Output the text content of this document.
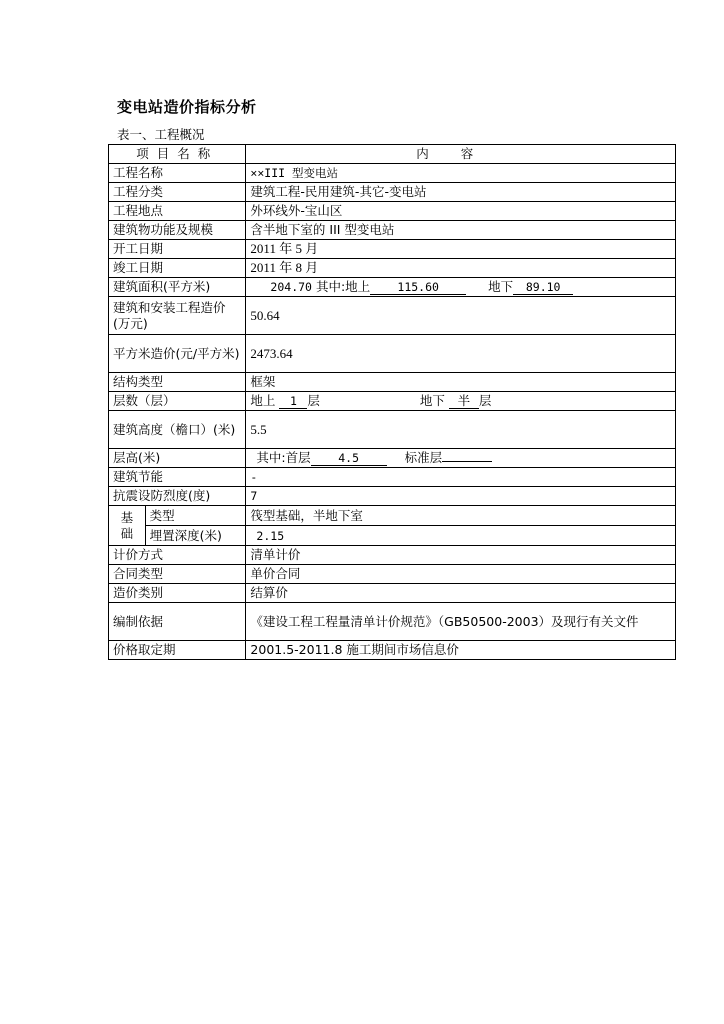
变电站造价指标分析
表一、工程概况
项目名称		内容
工程名称		××III 型变电站
工程分类		建筑工程-民用建筑-其它-变电站
工程地点		外环线外-宝山区
建筑物功能及规模		含半地下室的 III 型变电站
开工日期		2011 年 5 月
竣工日期		2011 年 8 月
建筑面积(平方米)		204.70 其中:地上 115.60 地下 89.10
建筑和安装工程造价(万元)		50.64
平方米造价(元/平方米)		2473.64
结构类型		框架
层数（层）		地上 1 层 地下 半 层
建筑高度（檐口）(米)		5.5
层高(米)		其中:首层 4.5 标准层
建筑节能		-
抗震设防烈度(度)		7
基
础	类型	筏型基础，半地下室
	埋置深度(米)	2.15
计价方式		清单计价
合同类型		单价合同
造价类别		结算价
编制依据		《建设工程工程量清单计价规范》（GB50500-2003）及现行有关文件
价格取定期		2001.5-2011.8 施工期间市场信息价
